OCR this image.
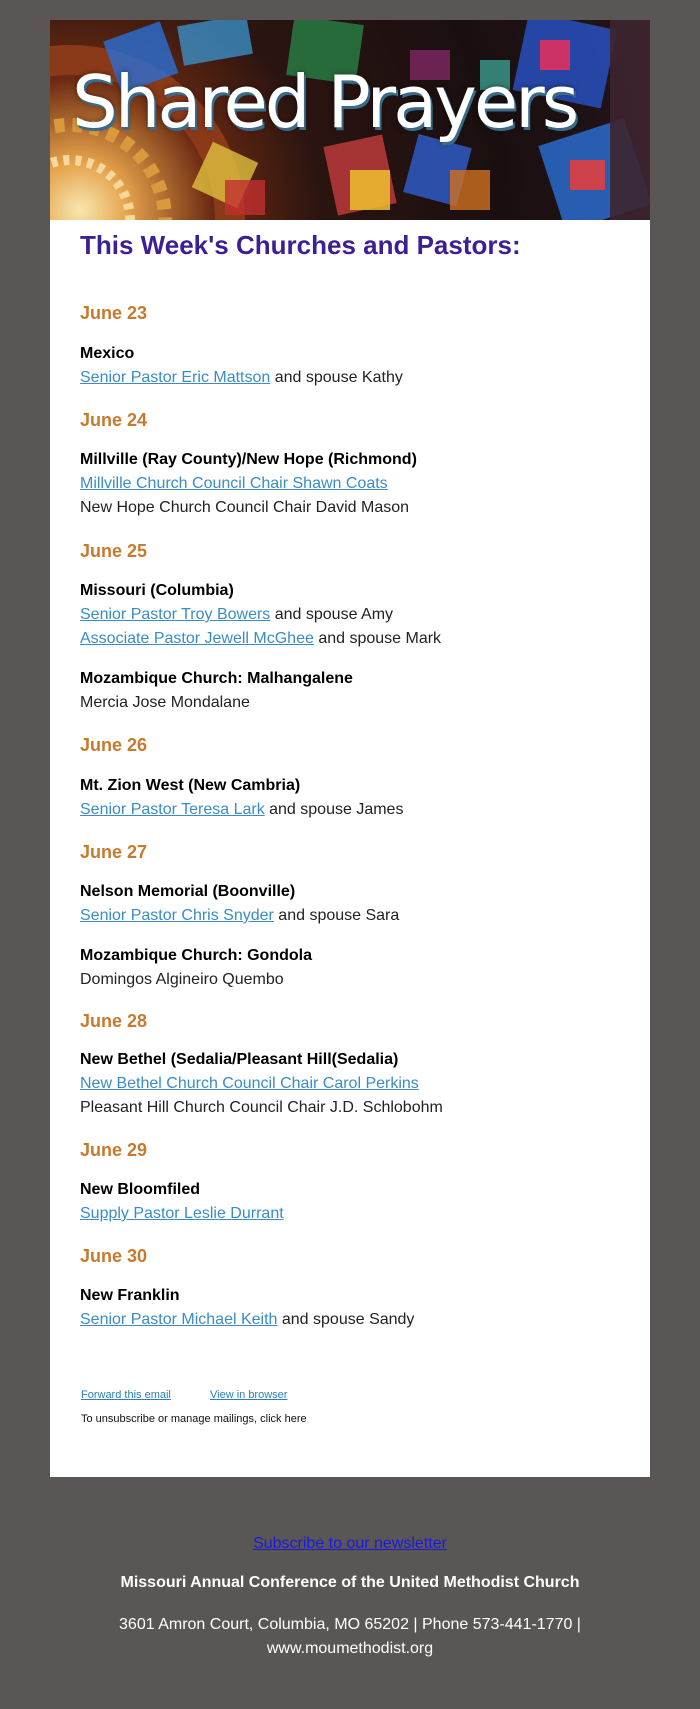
Shared Prayers
This Week's Churches and Pastors:
June 23
Mexico
Senior Pastor Eric Mattson and spouse Kathy
June 24
Millville (Ray County)/New Hope (Richmond)
Millville Church Council Chair Shawn Coats
New Hope Church Council Chair David Mason
June 25
Missouri (Columbia)
Senior Pastor Troy Bowers and spouse Amy
Associate Pastor Jewell McGhee and spouse Mark
Mozambique Church: Malhangalene
Mercia Jose Mondalane
June 26
Mt. Zion West (New Cambria)
Senior Pastor Teresa Lark and spouse James
June 27
Nelson Memorial (Boonville)
Senior Pastor Chris Snyder and spouse Sara
Mozambique Church: Gondola
Domingos Algineiro Quembo
June 28
New Bethel (Sedalia/Pleasant Hill(Sedalia)
New Bethel Church Council Chair Carol Perkins
Pleasant Hill Church Council Chair J.D. Schlobohm
June 29
New Bloomfiled
Supply Pastor Leslie Durrant
June 30
New Franklin
Senior Pastor Michael Keith and spouse Sandy
Forward this email	View in browser
To unsubscribe or manage mailings, click here
Subscribe to our newsletter
Missouri Annual Conference of the United Methodist Church
3601 Amron Court, Columbia, MO 65202 | Phone 573-441-1770 |
www.moumethodist.org
